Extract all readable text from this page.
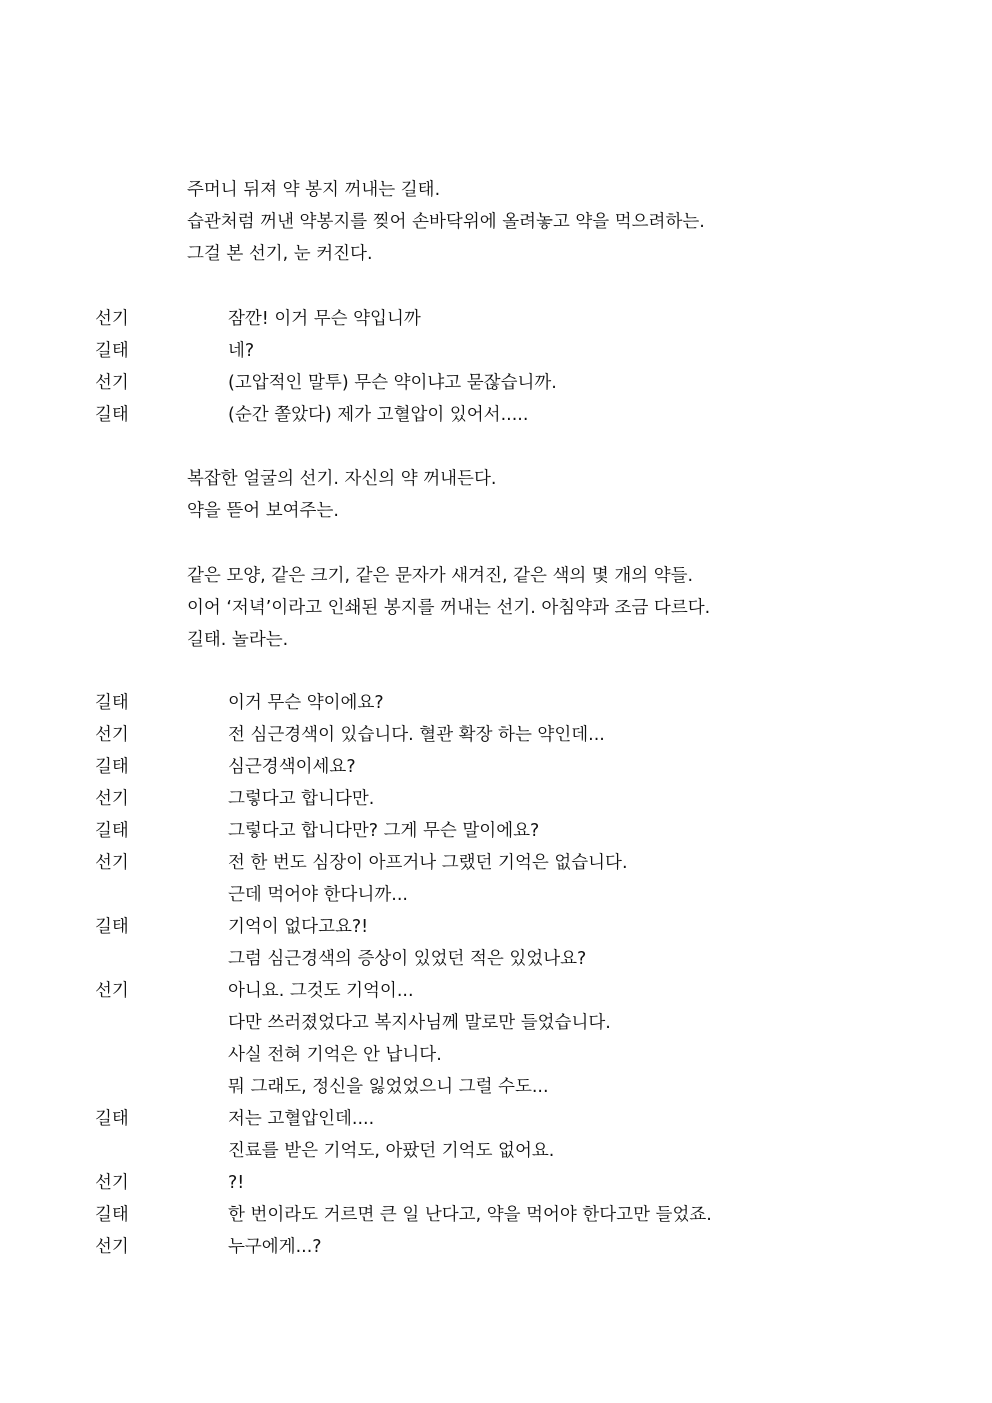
주머니 뒤져 약 봉지 꺼내는 길태.
습관처럼 꺼낸 약봉지를 찢어 손바닥위에 올려놓고 약을 먹으려하는.
그걸 본 선기, 눈 커진다.
선기	잠깐! 이거 무슨 약입니까
길태	네?
선기	(고압적인 말투) 무슨 약이냐고 묻잖습니까.
길태	(순간 쫄았다) 제가 고혈압이 있어서.....
복잡한 얼굴의 선기. 자신의 약 꺼내든다.
약을 뜯어 보여주는.
같은 모양, 같은 크기, 같은 문자가 새겨진, 같은 색의 몇 개의 약들.
이어 ‘저녁’이라고 인쇄된 봉지를 꺼내는 선기. 아침약과 조금 다르다.
길태. 놀라는.
길태	이거 무슨 약이에요?
선기	전 심근경색이 있습니다. 혈관 확장 하는 약인데...
길태	심근경색이세요?
선기	그렇다고 합니다만.
길태	그렇다고 합니다만? 그게 무슨 말이에요?
선기	전 한 번도 심장이 아프거나 그랬던 기억은 없습니다.
근데 먹어야 한다니까...
길태	기억이 없다고요?!
그럼 심근경색의 증상이 있었던 적은 있었나요?
선기	아니요. 그것도 기억이...
다만 쓰러졌었다고 복지사님께 말로만 들었습니다.
사실 전혀 기억은 안 납니다.
뭐 그래도, 정신을 잃었었으니 그럴 수도...
길태	저는 고혈압인데....
진료를 받은 기억도, 아팠던 기억도 없어요.
선기	?!
길태	한 번이라도 거르면 큰 일 난다고, 약을 먹어야 한다고만 들었죠.
선기	누구에게...?
